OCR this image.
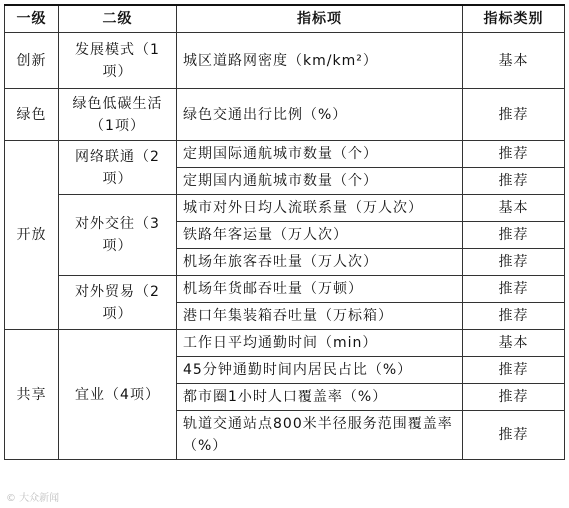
一级	二级	指标项	指标类别
创新	发展模式（1项）	城区道路网密度（km/km²）	基本
绿色	绿色低碳生活（1项）	绿色交通出行比例（%）	推荐
开放	网络联通（2项）	定期国际通航城市数量（个）	推荐
		定期国内通航城市数量（个）	推荐
	对外交往（3项）	城市对外日均人流联系量（万人次）	基本
		铁路年客运量（万人次）	推荐
		机场年旅客吞吐量（万人次）	推荐
	对外贸易（2项）	机场年货邮吞吐量（万顿）	推荐
		港口年集装箱吞吐量（万标箱）	推荐
共享	宜业（4项）	工作日平均通勤时间（min）	基本
		45分钟通勤时间内居民占比（%）	推荐
		都市圈1小时人口覆盖率（%）	推荐
		轨道交通站点800米半径服务范围覆盖率（%）	推荐
© 大众新闻
